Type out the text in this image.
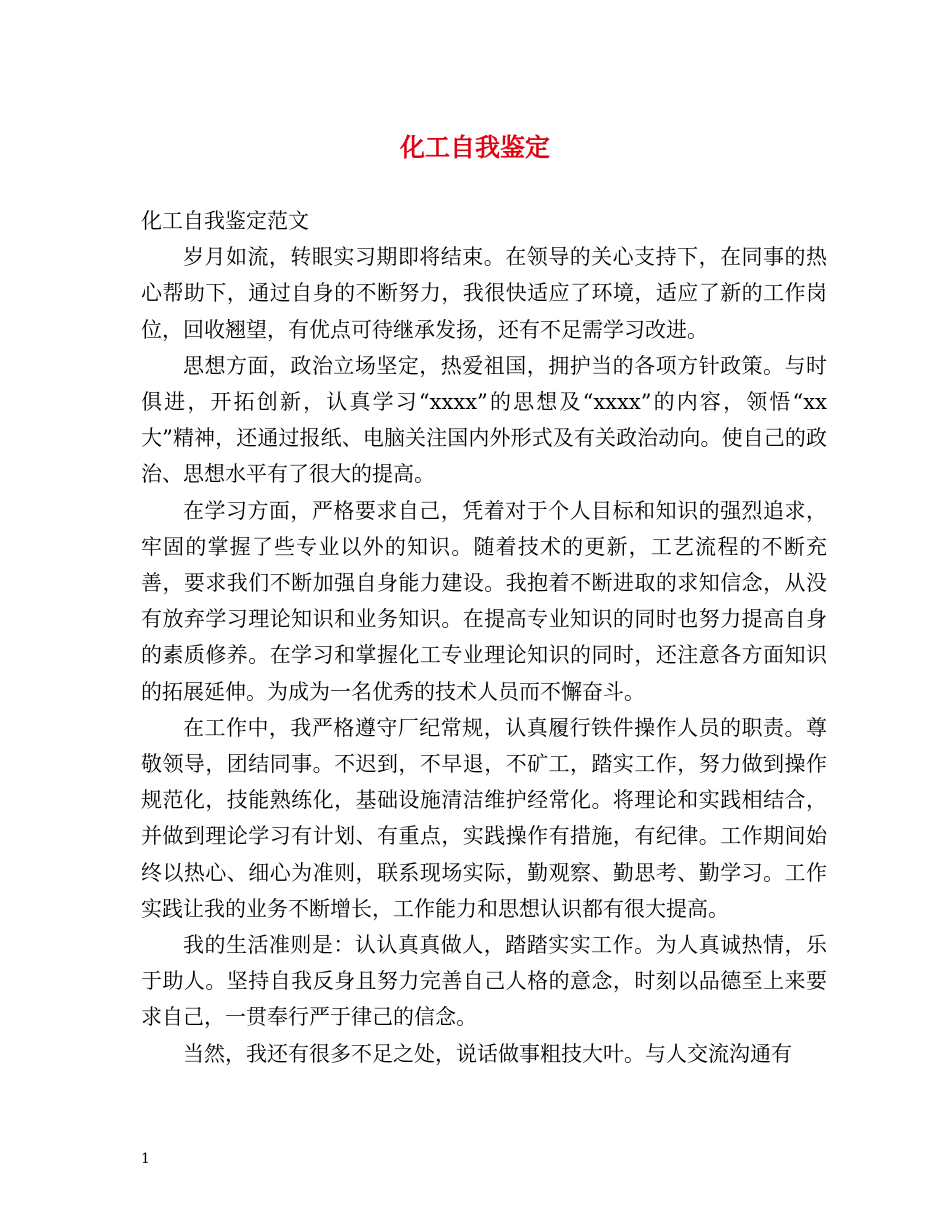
化工自我鉴定

化工自我鉴定范文

岁月如流，转眼实习期即将结束。在领导的关心支持下，在同事的热心帮助下，通过自身的不断努力，我很快适应了环境，适应了新的工作岗位，回收翘望，有优点可待继承发扬，还有不足需学习改进。

思想方面，政治立场坚定，热爱祖国，拥护当的各项方针政策。与时俱进，开拓创新，认真学习“xxxx”的思想及“xxxx”的内容，领悟“xx大”精神，还通过报纸、电脑关注国内外形式及有关政治动向。使自己的政治、思想水平有了很大的提高。

在学习方面，严格要求自己，凭着对于个人目标和知识的强烈追求，牢固的掌握了些专业以外的知识。随着技术的更新，工艺流程的不断充善，要求我们不断加强自身能力建设。我抱着不断进取的求知信念，从没有放弃学习理论知识和业务知识。在提高专业知识的同时也努力提高自身的素质修养。在学习和掌握化工专业理论知识的同时，还注意各方面知识的拓展延伸。为成为一名优秀的技术人员而不懈奋斗。

在工作中，我严格遵守厂纪常规，认真履行铁件操作人员的职责。尊敬领导，团结同事。不迟到，不早退，不矿工，踏实工作，努力做到操作规范化，技能熟练化，基础设施清洁维护经常化。将理论和实践相结合，并做到理论学习有计划、有重点，实践操作有措施，有纪律。工作期间始终以热心、细心为准则，联系现场实际，勤观察、勤思考、勤学习。工作实践让我的业务不断增长，工作能力和思想认识都有很大提高。

我的生活准则是：认认真真做人，踏踏实实工作。为人真诚热情，乐于助人。坚持自我反身且努力完善自己人格的意念，时刻以品德至上来要求自己，一贯奉行严于律己的信念。

当然，我还有很多不足之处，说话做事粗技大叶。与人交流沟通有

1
